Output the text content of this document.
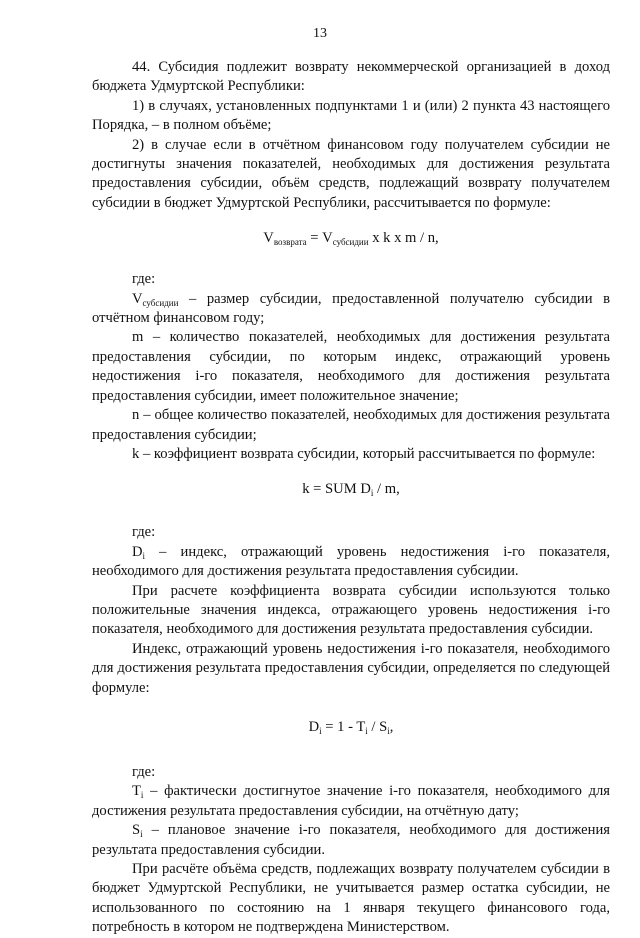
13

44. Субсидия подлежит возврату некоммерческой организацией в доход бюджета Удмуртской Республики:

1) в случаях, установленных подпунктами 1 и (или) 2 пункта 43 настоящего Порядка, – в полном объёме;

2) в случае если в отчётном финансовом году получателем субсидии не достигнуты значения показателей, необходимых для достижения результата предоставления субсидии, объём средств, подлежащий возврату получателем субсидии в бюджет Удмуртской Республики, рассчитывается по формуле:

$V_{возврата} = V_{субсидии}$ x k x m / n,

где:

$V_{субсидии}$ – размер субсидии, предоставленной получателю субсидии в отчётном финансовом году;

m – количество показателей, необходимых для достижения результата предоставления субсидии, по которым индекс, отражающий уровень недостижения i-го показателя, необходимого для достижения результата предоставления субсидии, имеет положительное значение;

n – общее количество показателей, необходимых для достижения результата предоставления субсидии;

k – коэффициент возврата субсидии, который рассчитывается по формуле:

k = SUM $D_i$ / m,

где:

$D_i$ – индекс, отражающий уровень недостижения i-го показателя, необходимого для достижения результата предоставления субсидии.

При расчете коэффициента возврата субсидии используются только положительные значения индекса, отражающего уровень недостижения i-го показателя, необходимого для достижения результата предоставления субсидии.

Индекс, отражающий уровень недостижения i-го показателя, необходимого для достижения результата предоставления субсидии, определяется по следующей формуле:

$D_i = 1 - T_i / S_i$,

где:

$T_i$ – фактически достигнутое значение i-го показателя, необходимого для достижения результата предоставления субсидии, на отчётную дату;

$S_i$ – плановое значение i-го показателя, необходимого для достижения результата предоставления субсидии.

При расчёте объёма средств, подлежащих возврату получателем субсидии в бюджет Удмуртской Республики, не учитывается размер остатка субсидии, не использованного по состоянию на 1 января текущего финансового года, потребность в котором не подтверждена Министерством.
